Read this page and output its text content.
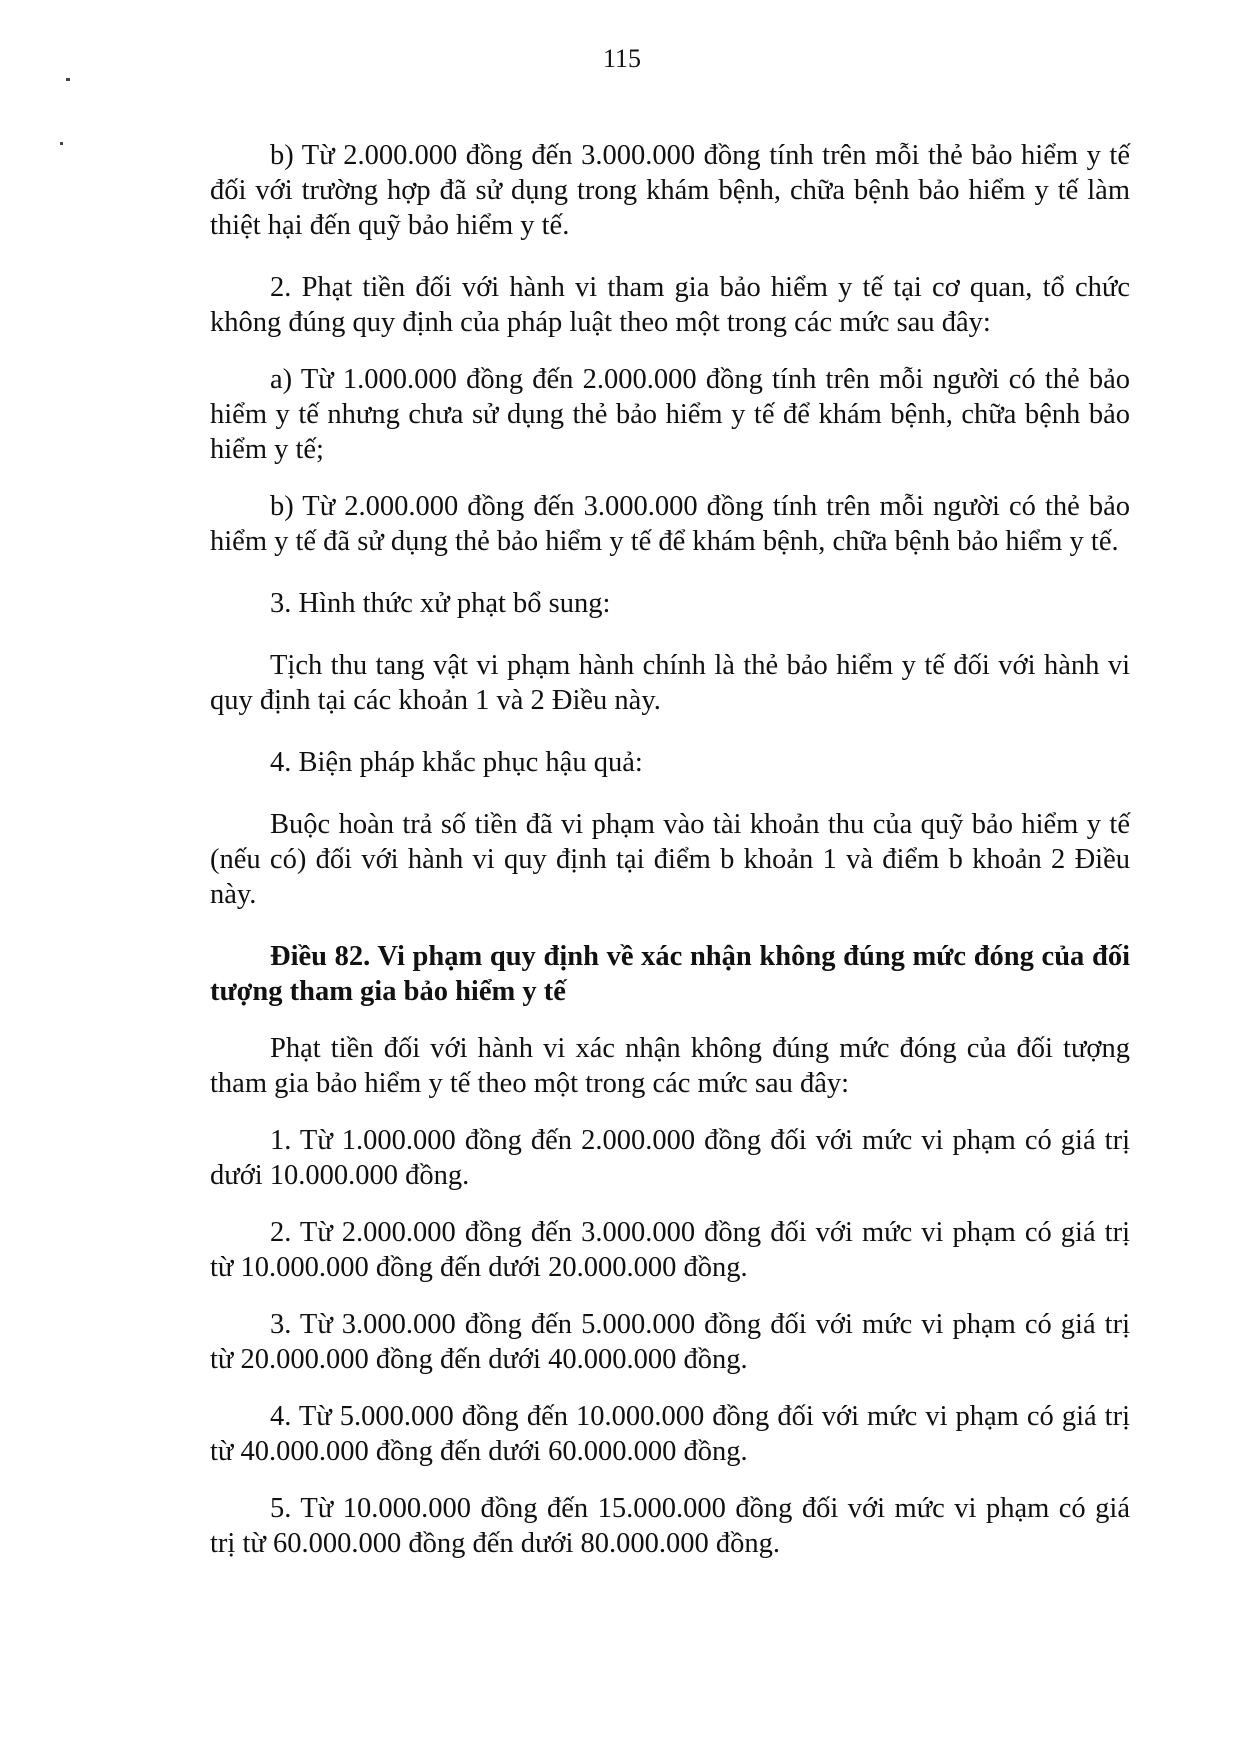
115

b) Từ 2.000.000 đồng đến 3.000.000 đồng tính trên mỗi thẻ bảo hiểm y tế đối với trường hợp đã sử dụng trong khám bệnh, chữa bệnh bảo hiểm y tế làm thiệt hại đến quỹ bảo hiểm y tế.

2. Phạt tiền đối với hành vi tham gia bảo hiểm y tế tại cơ quan, tổ chức không đúng quy định của pháp luật theo một trong các mức sau đây:

a) Từ 1.000.000 đồng đến 2.000.000 đồng tính trên mỗi người có thẻ bảo hiểm y tế nhưng chưa sử dụng thẻ bảo hiểm y tế để khám bệnh, chữa bệnh bảo hiểm y tế;

b) Từ 2.000.000 đồng đến 3.000.000 đồng tính trên mỗi người có thẻ bảo hiểm y tế đã sử dụng thẻ bảo hiểm y tế để khám bệnh, chữa bệnh bảo hiểm y tế.

3. Hình thức xử phạt bổ sung:

Tịch thu tang vật vi phạm hành chính là thẻ bảo hiểm y tế đối với hành vi quy định tại các khoản 1 và 2 Điều này.

4. Biện pháp khắc phục hậu quả:

Buộc hoàn trả số tiền đã vi phạm vào tài khoản thu của quỹ bảo hiểm y tế (nếu có) đối với hành vi quy định tại điểm b khoản 1 và điểm b khoản 2 Điều này.

Điều 82. Vi phạm quy định về xác nhận không đúng mức đóng của đối tượng tham gia bảo hiểm y tế

Phạt tiền đối với hành vi xác nhận không đúng mức đóng của đối tượng tham gia bảo hiểm y tế theo một trong các mức sau đây:

1. Từ 1.000.000 đồng đến 2.000.000 đồng đối với mức vi phạm có giá trị dưới 10.000.000 đồng.

2. Từ 2.000.000 đồng đến 3.000.000 đồng đối với mức vi phạm có giá trị từ 10.000.000 đồng đến dưới 20.000.000 đồng.

3. Từ 3.000.000 đồng đến 5.000.000 đồng đối với mức vi phạm có giá trị từ 20.000.000 đồng đến dưới 40.000.000 đồng.

4. Từ 5.000.000 đồng đến 10.000.000 đồng đối với mức vi phạm có giá trị từ 40.000.000 đồng đến dưới 60.000.000 đồng.

5. Từ 10.000.000 đồng đến 15.000.000 đồng đối với mức vi phạm có giá trị từ 60.000.000 đồng đến dưới 80.000.000 đồng.
